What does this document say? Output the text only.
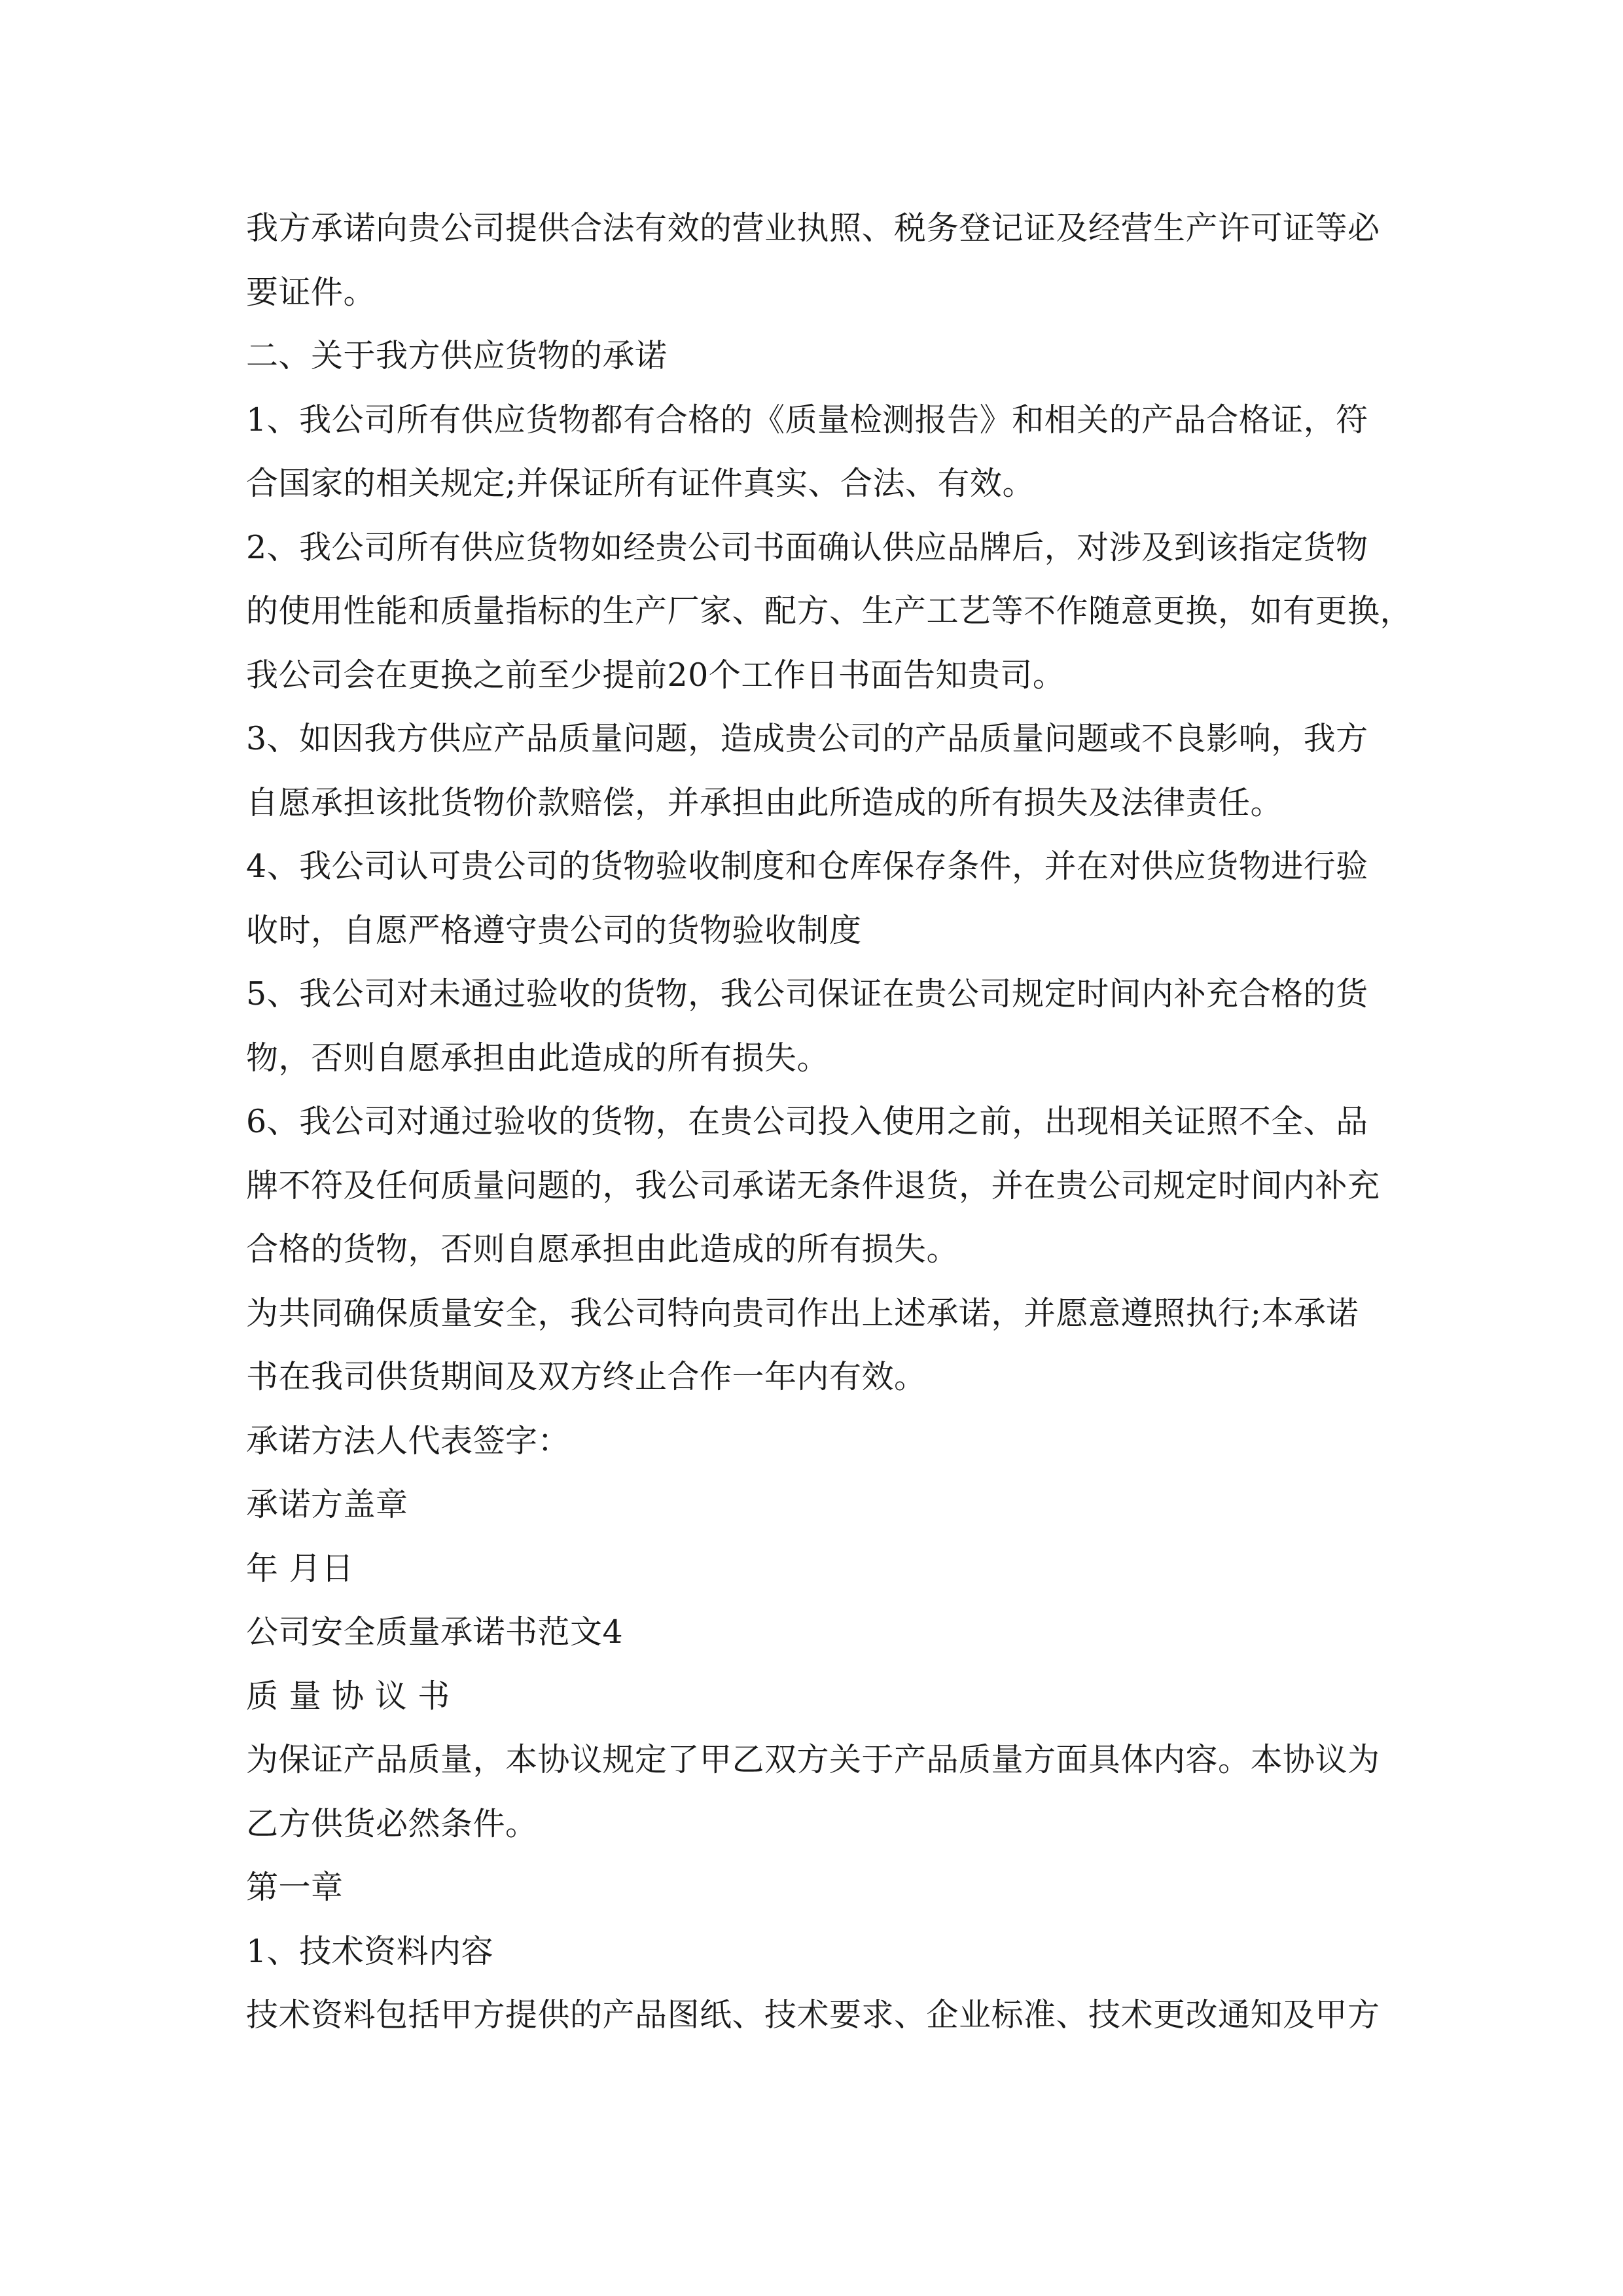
我方承诺向贵公司提供合法有效的营业执照、税务登记证及经营生产许可证等必
要证件。
二、关于我方供应货物的承诺
1、我公司所有供应货物都有合格的《质量检测报告》和相关的产品合格证，符
合国家的相关规定;并保证所有证件真实、合法、有效。
2、我公司所有供应货物如经贵公司书面确认供应品牌后，对涉及到该指定货物
的使用性能和质量指标的生产厂家、配方、生产工艺等不作随意更换，如有更换，
我公司会在更换之前至少提前20个工作日书面告知贵司。
3、如因我方供应产品质量问题，造成贵公司的产品质量问题或不良影响，我方
自愿承担该批货物价款赔偿，并承担由此所造成的所有损失及法律责任。
4、我公司认可贵公司的货物验收制度和仓库保存条件，并在对供应货物进行验
收时，自愿严格遵守贵公司的货物验收制度
5、我公司对未通过验收的货物，我公司保证在贵公司规定时间内补充合格的货
物，否则自愿承担由此造成的所有损失。
6、我公司对通过验收的货物，在贵公司投入使用之前，出现相关证照不全、品
牌不符及任何质量问题的，我公司承诺无条件退货，并在贵公司规定时间内补充
合格的货物，否则自愿承担由此造成的所有损失。
为共同确保质量安全，我公司特向贵司作出上述承诺，并愿意遵照执行;本承诺
书在我司供货期间及双方终止合作一年内有效。
承诺方法人代表签字：
承诺方盖章
年 月日
公司安全质量承诺书范文4
质 量 协 议 书
为保证产品质量，本协议规定了甲乙双方关于产品质量方面具体内容。本协议为
乙方供货必然条件。
第一章
1、技术资料内容
技术资料包括甲方提供的产品图纸、技术要求、企业标准、技术更改通知及甲方
